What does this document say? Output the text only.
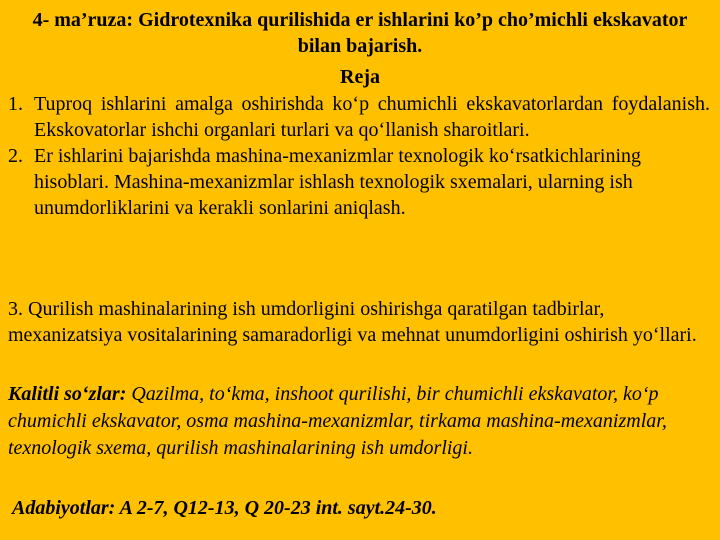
4- ma’ruza: Gidrotexnika qurilishida er ishlarini ko’p cho’michli ekskavator bilan bajarish.
Reja
1. Tuproq ishlarini amalga oshirishda ko‘p chumichli ekskavatorlardan foydalanish. Ekskovatorlar ishchi organlari turlari va qo‘llanish sharoitlari.
2. Er ishlarini bajarishda mashina-mexanizmlar texnologik ko‘rsatkichlarining hisoblari. Mashina-mexanizmlar ishlash texnologik sxemalari, ularning ish unumdorliklarini va kerakli sonlarini aniqlash.

3. Qurilish mashinalarining ish umdorligini oshirishga qaratilgan tadbirlar, mexanizatsiya vositalarining samaradorligi va mehnat unumdorligini oshirish yo‘llari.

Kalitli so‘zlar: Qazilma, to‘kma, inshoot qurilishi, bir chumichli ekskavator, ko‘p chumichli ekskavator, osma mashina-mexanizmlar, tirkama mashina-mexanizmlar, texnologik sxema, qurilish mashinalarining ish umdorligi.

Adabiyotlar: A 2-7, Q12-13, Q 20-23 int. sayt.24-30.
